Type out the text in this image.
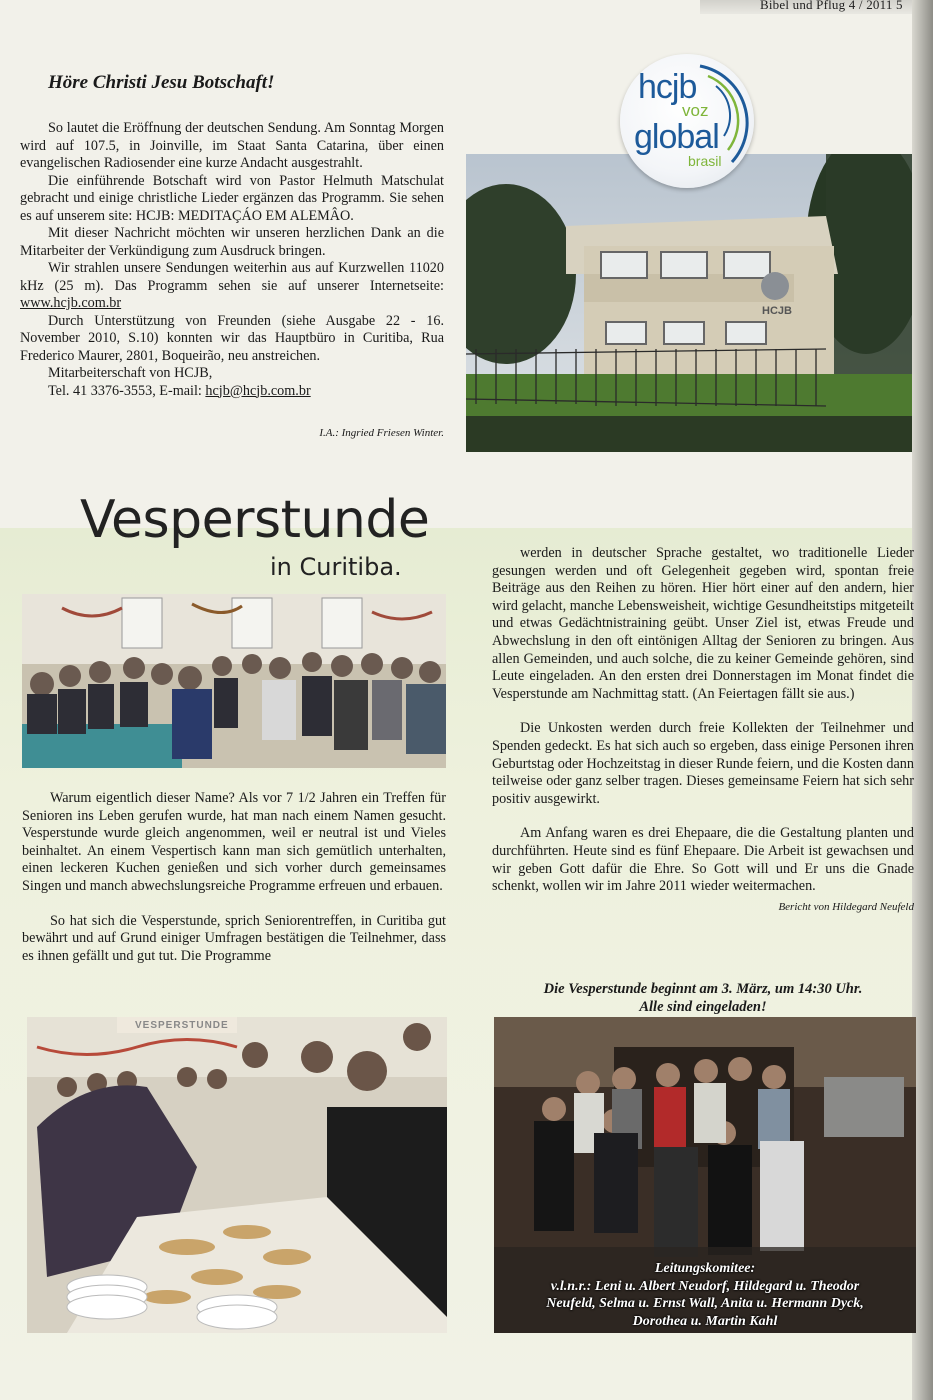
Bibel und Pflug 4 / 2011 5
Höre Christi Jesu Botschaft!

So lautet die Eröffnung der deutschen Sendung. Am Sonntag Morgen wird auf 107.5, in Joinville, im Staat Santa Catarina, über einen evangelischen Radiosender eine kurze Andacht ausgestrahlt.

Die einführende Botschaft wird von Pastor Helmuth Matschulat gebracht und einige christliche Lieder ergänzen das Programm. Sie sehen es auf unserem site: HCJB: MEDITAÇÁO EM ALEMÂO.

Mit dieser Nachricht möchten wir unseren herzlichen Dank an die Mitarbeiter der Verkündigung zum Ausdruck bringen.

Wir strahlen unsere Sendungen weiterhin aus auf Kurzwellen 11020 kHz (25 m). Das Programm sehen sie auf unserer Internetseite: www.hcjb.com.br

Durch Unterstützung von Freunden (siehe Ausgabe 22 - 16. November 2010, S.10) konnten wir das Hauptbüro in Curitiba, Rua Frederico Maurer, 2801, Boqueirão, neu anstreichen.

Mitarbeiterschaft von HCJB,

Tel. 41 3376-3553, E-mail: hcjb@hcjb.com.br

I.A.: Ingried Friesen Winter.
HCJB
hcjb
voz
global
brasil
Vesperstunde
in Curitiba.

Warum eigentlich dieser Name? Als vor 7 1/2 Jahren ein Treffen für Senioren ins Leben gerufen wurde, hat man nach einem Namen gesucht. Vesperstunde wurde gleich angenommen, weil er neutral ist und Vieles beinhaltet. An einem Vespertisch kann man sich gemütlich unterhalten, einen leckeren Kuchen genießen und sich vorher durch gemeinsames Singen und manch abwechslungsreiche Programme erfreuen und erbauen.

So hat sich die Vesperstunde, sprich Seniorentreffen, in Curitiba gut bewährt und auf Grund einiger Umfragen bestätigen die Teilnehmer, dass es ihnen gefällt und gut tut. Die Programme

werden in deutscher Sprache gestaltet, wo traditionelle Lieder gesungen werden und oft Gelegenheit gegeben wird, spontan freie Beiträge aus den Reihen zu hören. Hier hört einer auf den andern, hier wird gelacht, manche Lebensweisheit, wichtige Gesundheitstips mitgeteilt und etwas Gedächtnistraining geübt. Unser Ziel ist, etwas Freude und Abwechslung in den oft eintönigen Alltag der Senioren zu bringen. Aus allen Gemeinden, und auch solche, die zu keiner Gemeinde gehören, sind Leute eingeladen. An den ersten drei Donnerstagen im Monat findet die Vesperstunde am Nachmittag statt. (An Feiertagen fällt sie aus.)

Die Unkosten werden durch freie Kollekten der Teilnehmer und Spenden gedeckt. Es hat sich auch so ergeben, dass einige Personen ihren Geburtstag oder Hochzeitstag in dieser Runde feiern, und die Kosten dann teilweise oder ganz selber tragen. Dieses gemeinsame Feiern hat sich sehr positiv ausgewirkt.

Am Anfang waren es drei Ehepaare, die die Gestaltung planten und durchführten. Heute sind es fünf Ehepaare. Die Arbeit ist gewachsen und wir geben Gott dafür die Ehre. So Gott will und Er uns die Gnade schenkt, wollen wir im Jahre 2011 wieder weitermachen.
Bericht von Hildegard Neufeld

Die Vesperstunde beginnt am 3. März, um 14:30 Uhr.
Alle sind eingeladen!
VESPERSTUNDE
Leitungskomitee:
v.l.n.r.: Leni u. Albert Neudorf, Hildegard u. Theodor
Neufeld, Selma u. Ernst Wall, Anita u. Hermann Dyck,
Dorothea u. Martin Kahl
